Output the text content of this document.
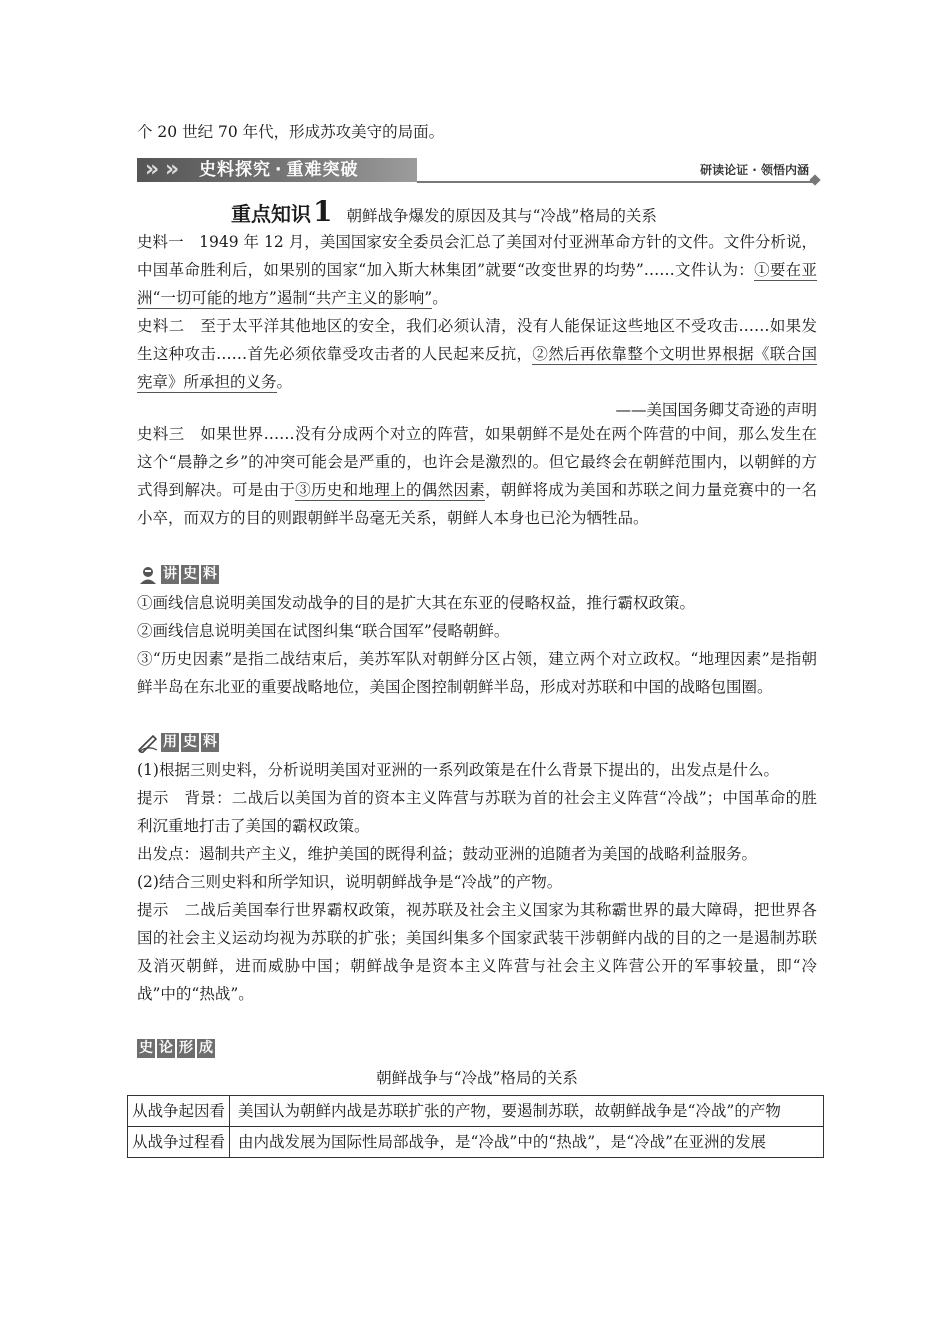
个 20 世纪 70 年代，形成苏攻美守的局面。

» » 史料探究 · 重难突破	研读论证 · 领悟内涵
重点知识1 朝鲜战争爆发的原因及其与“冷战”格局的关系

史料一　1949 年 12 月，美国国家安全委员会汇总了美国对付亚洲革命方针的文件。文件分析说，中国革命胜利后，如果别的国家“加入斯大林集团”就要“改变世界的均势”……文件认为：①要在亚洲“一切可能的地方”遏制“共产主义的影响”。

史料二　至于太平洋其他地区的安全，我们必须认清，没有人能保证这些地区不受攻击……如果发生这种攻击……首先必须依靠受攻击者的人民起来反抗，②然后再依靠整个文明世界根据《联合国宪章》所承担的义务。

——美国国务卿艾奇逊的声明

史料三　如果世界……没有分成两个对立的阵营，如果朝鲜不是处在两个阵营的中间，那么发生在这个“晨静之乡”的冲突可能会是严重的，也许会是激烈的。但它最终会在朝鲜范围内，以朝鲜的方式得到解决。可是由于③历史和地理上的偶然因素，朝鲜将成为美国和苏联之间力量竞赛中的一名小卒，而双方的目的则跟朝鲜半岛毫无关系，朝鲜人本身也已沦为牺牲品。

讲 史 料

①画线信息说明美国发动战争的目的是扩大其在东亚的侵略权益，推行霸权政策。

②画线信息说明美国在试图纠集“联合国军”侵略朝鲜。

③“历史因素”是指二战结束后，美苏军队对朝鲜分区占领，建立两个对立政权。“地理因素”是指朝鲜半岛在东北亚的重要战略地位，美国企图控制朝鲜半岛，形成对苏联和中国的战略包围圈。

用 史 料

(1)根据三则史料，分析说明美国对亚洲的一系列政策是在什么背景下提出的，出发点是什么。

提示　背景：二战后以美国为首的资本主义阵营与苏联为首的社会主义阵营“冷战”；中国革命的胜利沉重地打击了美国的霸权政策。

出发点：遏制共产主义，维护美国的既得利益；鼓动亚洲的追随者为美国的战略利益服务。

(2)结合三则史料和所学知识，说明朝鲜战争是“冷战”的产物。

提示　二战后美国奉行世界霸权政策，视苏联及社会主义国家为其称霸世界的最大障碍，把世界各国的社会主义运动均视为苏联的扩张；美国纠集多个国家武装干涉朝鲜内战的目的之一是遏制苏联及消灭朝鲜，进而威胁中国；朝鲜战争是资本主义阵营与社会主义阵营公开的军事较量，即“冷战”中的“热战”。

史 论 形 成
朝鲜战争与“冷战”格局的关系
从战争起因看	美国认为朝鲜内战是苏联扩张的产物，要遏制苏联，故朝鲜战争是“冷战”的产物
从战争过程看	由内战发展为国际性局部战争，是“冷战”中的“热战”，是“冷战”在亚洲的发展
